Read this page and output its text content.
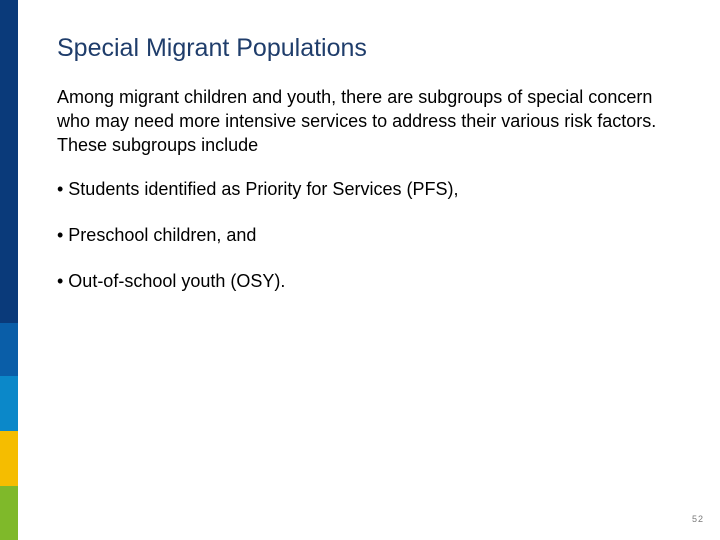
Special Migrant Populations

Among migrant children and youth, there are subgroups of special concern who may need more intensive services to address their various risk factors. These subgroups include

• Students identified as Priority for Services (PFS),
• Preschool children, and
• Out-of-school youth (OSY).
52
